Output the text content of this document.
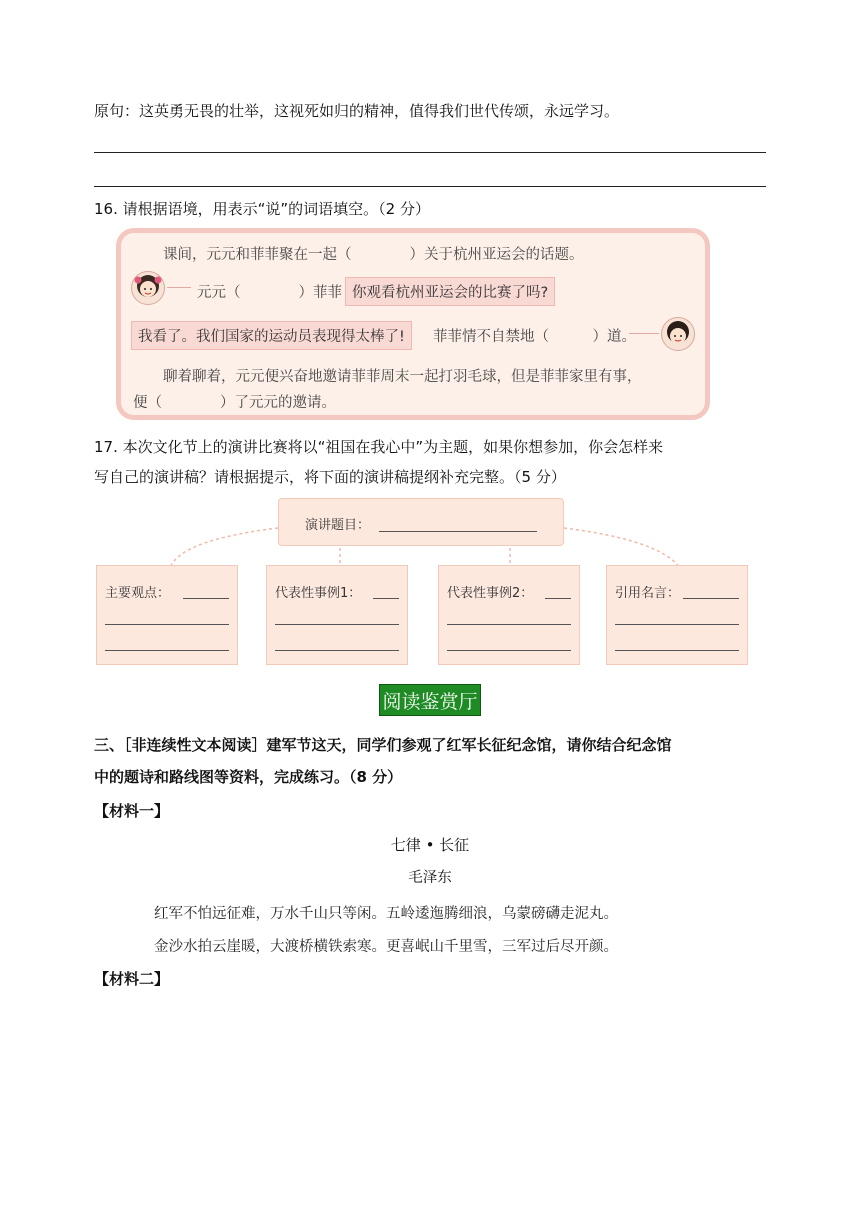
原句：这英勇无畏的壮举，这视死如归的精神，值得我们世代传颂，永远学习。
16. 请根据语境，用表示“说”的词语填空。（2 分）
课间，元元和菲菲聚在一起（　　　　）关于杭州亚运会的话题。
元元（　　　　）菲菲 你观看杭州亚运会的比赛了吗?
我看了。我们国家的运动员表现得太棒了!	菲菲情不自禁地（　　　）道。
聊着聊着，元元便兴奋地邀请菲菲周末一起打羽毛球，但是菲菲家里有事，
便（　　　　）了元元的邀请。
17. 本次文化节上的演讲比赛将以“祖国在我心中”为主题，如果你想参加，你会怎样来
写自己的演讲稿？请根据提示，将下面的演讲稿提纲补充完整。（5 分）
演讲题目：
主要观点：	代表性事例1：	代表性事例2：	引用名言：
阅读鉴赏厅
三、［非连续性文本阅读］建军节这天，同学们参观了红军长征纪念馆，请你结合纪念馆
中的题诗和路线图等资料，完成练习。（8 分）
【材料一】
七律 • 长征
毛泽东
红军不怕远征难，万水千山只等闲。五岭逶迤腾细浪，乌蒙磅礴走泥丸。
金沙水拍云崖暖，大渡桥横铁索寒。更喜岷山千里雪，三军过后尽开颜。
【材料二】
